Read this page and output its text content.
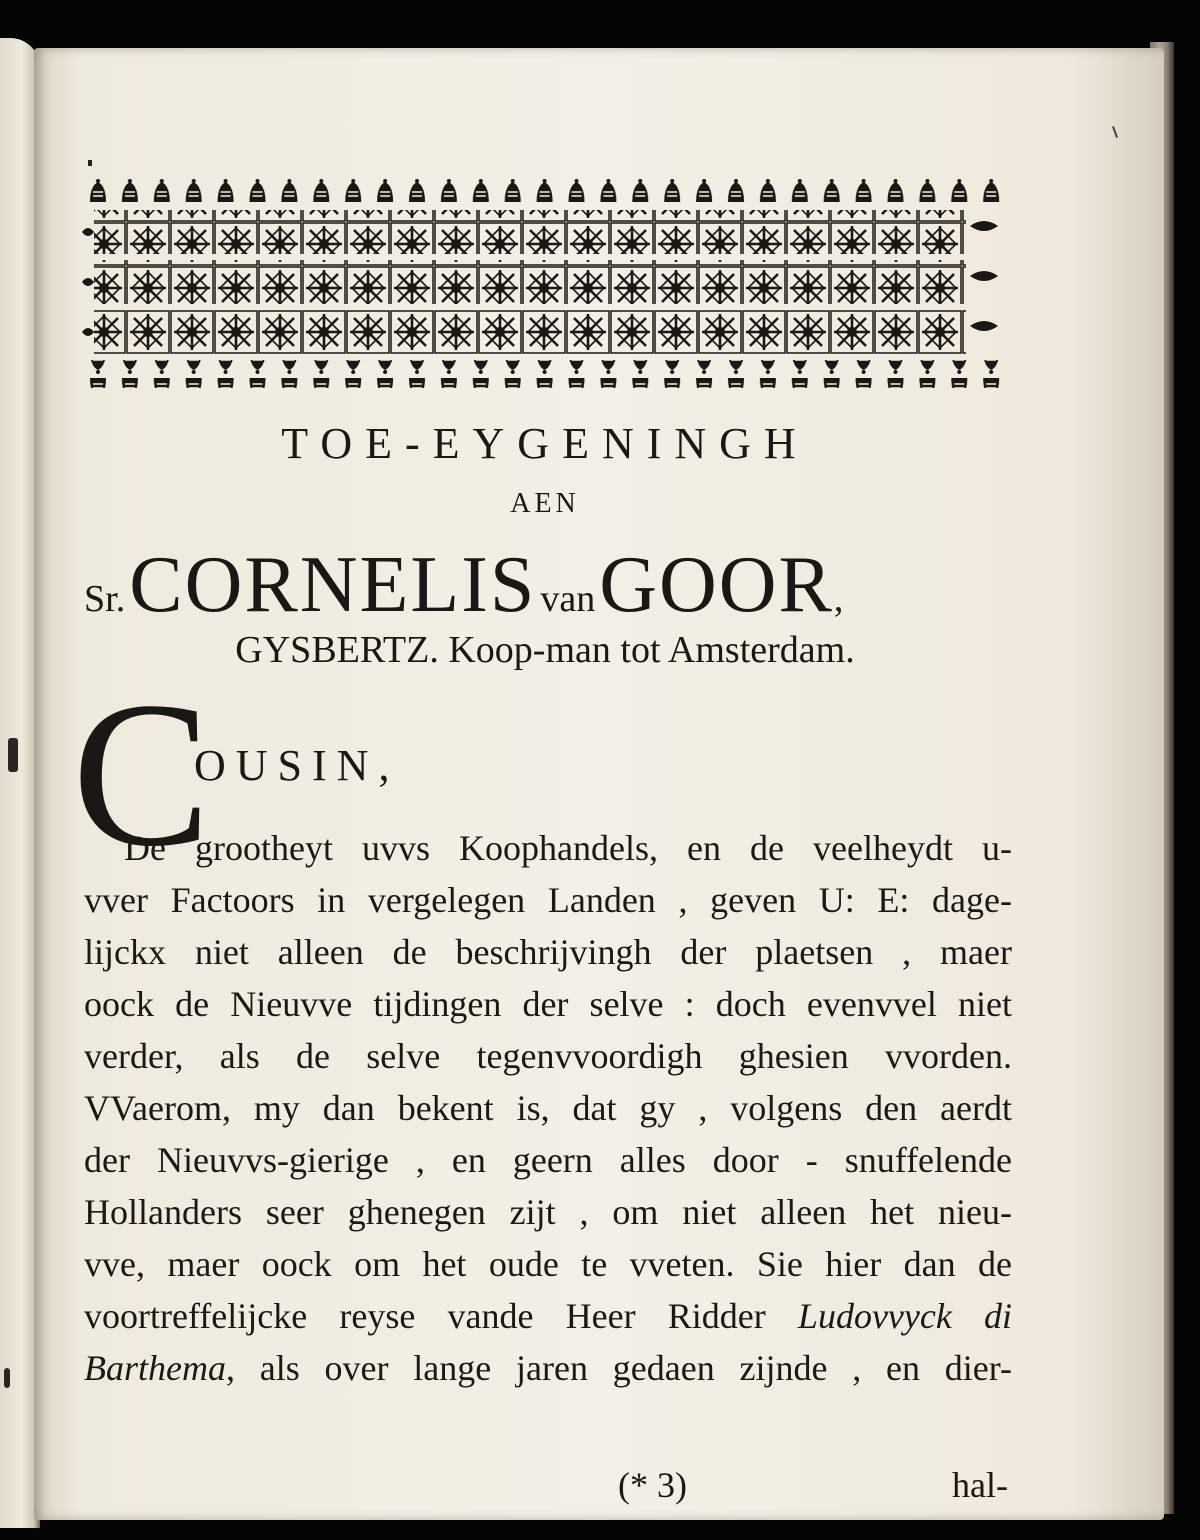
TOE-EYGENINGH
AEN
Sr. CORNELIS van GOOR,
GYSBERTZ. Koop-man tot Amsterdam.
C
OUSIN,
De grootheyt uvvs Koophandels, en de veelheydt u-
vver Factoors in vergelegen Landen , geven U: E: dage-
lijckx niet alleen de beschrijvingh der plaetsen , maer
oock de Nieuvve tijdingen der selve : doch evenvvel niet
verder, als de selve tegenvvoordigh ghesien vvorden.
VVaerom, my dan bekent is, dat gy , volgens den aerdt
der Nieuvvs-gierige , en geern alles door - snuffelende
Hollanders seer ghenegen zijt , om niet alleen het nieu-
vve, maer oock om het oude te vveten. Sie hier dan de
voortreffelijcke reyse vande Heer Ridder Ludovvyck di
Barthema, als over lange jaren gedaen zijnde , en dier-
(* 3)	hal-
